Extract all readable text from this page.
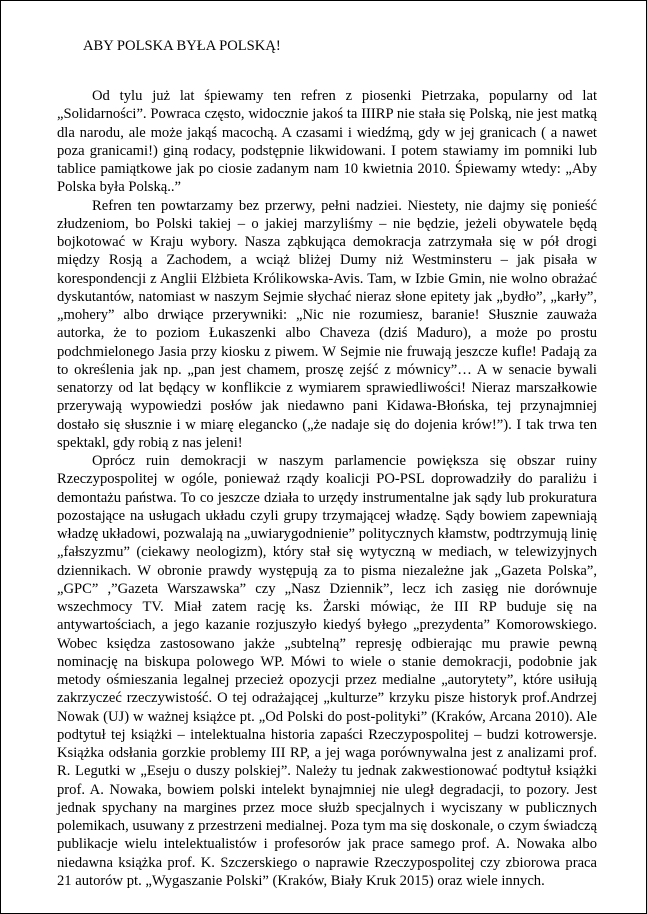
ABY POLSKA BYŁA POLSKĄ!

Od tylu już lat śpiewamy ten refren z piosenki Pietrzaka, popularny od lat „Solidarności”. Powraca często, widocznie jakoś ta IIIRP nie stała się Polską, nie jest matką dla narodu, ale może jakąś macochą. A czasami i wiedźmą, gdy w jej granicach ( a nawet poza granicami!) giną rodacy, podstępnie likwidowani. I potem stawiamy im pomniki lub tablice pamiątkowe jak po ciosie zadanym nam 10 kwietnia 2010. Śpiewamy wtedy: „Aby Polska była Polską..”

Refren ten powtarzamy bez przerwy, pełni nadziei. Niestety, nie dajmy się ponieść złudzeniom, bo Polski takiej – o jakiej marzyliśmy – nie będzie, jeżeli obywatele będą bojkotować w Kraju wybory. Nasza ząbkująca demokracja zatrzymała się w pół drogi między Rosją a Zachodem, a wciąż bliżej Dumy niż Westminsteru – jak pisała w korespondencji z Anglii Elżbieta Królikowska-Avis. Tam, w Izbie Gmin, nie wolno obrażać dyskutantów, natomiast w naszym Sejmie słychać nieraz słone epitety jak „bydło”, „karły”, „mohery” albo drwiące przerywniki: „Nic nie rozumiesz, baranie! Słusznie zauważa autorka, że to poziom Łukaszenki albo Chaveza (dziś Maduro), a może po prostu podchmielonego Jasia przy kiosku z piwem. W Sejmie nie fruwają jeszcze kufle! Padają za to określenia jak np. „pan jest chamem, proszę zejść z mównicy”… A w senacie bywali senatorzy od lat będący w konflikcie z wymiarem sprawiedliwości! Nieraz marszałkowie przerywają wypowiedzi posłów jak niedawno pani Kidawa-Błońska, tej przynajmniej dostało się słusznie i w miarę elegancko („że nadaje się do dojenia krów!”). I tak trwa ten spektakl, gdy robią z nas jeleni!

Oprócz ruin demokracji w naszym parlamencie powiększa się obszar ruiny Rzeczypospolitej w ogóle, ponieważ rządy koalicji PO-PSL doprowadziły do paraliżu i demontażu państwa. To co jeszcze działa to urzędy instrumentalne jak sądy lub prokuratura pozostające na usługach układu czyli grupy trzymającej władzę. Sądy bowiem zapewniają władzę układowi, pozwalają na „uwiarygodnienie” politycznych kłamstw, podtrzymują linię „fałszyzmu” (ciekawy neologizm), który stał się wytyczną w mediach, w telewizyjnych dziennikach. W obronie prawdy występują za to pisma niezależne jak „Gazeta Polska”, „GPC” ,”Gazeta Warszawska” czy „Nasz Dziennik”, lecz ich zasięg nie dorównuje wszechmocy TV. Miał zatem rację ks. Żarski mówiąc, że III RP buduje się na antywartościach, a jego kazanie rozjuszyło kiedyś byłego „prezydenta” Komorowskiego. Wobec księdza zastosowano jakże „subtelną” represję odbierając mu prawie pewną nominację na biskupa polowego WP. Mówi to wiele o stanie demokracji, podobnie jak metody ośmieszania legalnej przecież opozycji przez medialne „autorytety”, które usiłują zakrzyczeć rzeczywistość. O tej odrażającej „kulturze” krzyku pisze historyk prof.Andrzej Nowak (UJ) w ważnej książce pt. „Od Polski do post-polityki” (Kraków, Arcana 2010). Ale podtytuł tej książki – intelektualna historia zapaści Rzeczypospolitej – budzi kotrowersje. Książka odsłania gorzkie problemy III RP, a jej waga porównywalna jest z analizami prof. R. Legutki w „Eseju o duszy polskiej”. Należy tu jednak zakwestionować podtytuł książki prof. A. Nowaka, bowiem polski intelekt bynajmniej nie uległ degradacji, to pozory. Jest jednak spychany na margines przez moce służb specjalnych i wyciszany w publicznych polemikach, usuwany z przestrzeni medialnej. Poza tym ma się doskonale, o czym świadczą publikacje wielu intelektualistów i profesorów jak prace samego prof. A. Nowaka albo niedawna książka prof. K. Szczerskiego o naprawie Rzeczypospolitej czy zbiorowa praca 21 autorów pt. „Wygaszanie Polski” (Kraków, Biały Kruk 2015) oraz wiele innych.
